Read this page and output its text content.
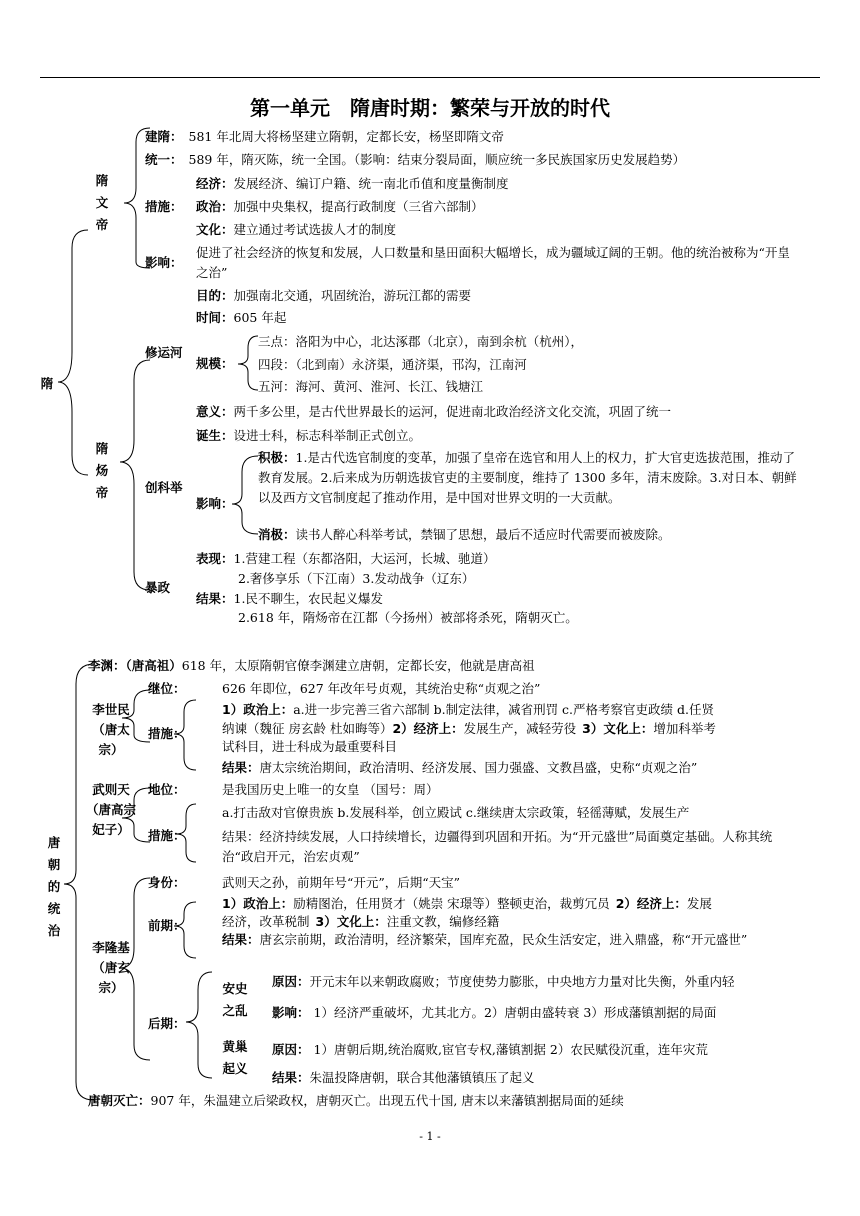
第一单元　隋唐时期：繁荣与开放的时代
隋
隋文帝
建隋： 581 年北周大将杨坚建立隋朝，定都长安，杨坚即隋文帝
统一： 589 年，隋灭陈，统一全国。（影响：结束分裂局面，顺应统一多民族国家历史发展趋势）
经济：发展经济、编订户籍、统一南北币值和度量衡制度
措施： 政治：加强中央集权，提高行政制度（三省六部制）
文化：建立通过考试选拔人才的制度
影响：
促进了社会经济的恢复和发展，人口数量和垦田面积大幅增长，成为疆域辽阔的王朝。他的统治被称为“开皇之治”
隋炀帝
目的：加强南北交通，巩固统治，游玩江都的需要
时间：605 年起
修运河
规模：
三点：洛阳为中心，北达涿郡（北京），南到余杭（杭州），
四段：（北到南）永济渠，通济渠，邗沟，江南河
五河：海河、黄河、淮河、长江、钱塘江
意义：两千多公里，是古代世界最长的运河，促进南北政治经济文化交流，巩固了统一
诞生：设进士科，标志科举制正式创立。
创科举
影响：
积极：1.是古代选官制度的变革，加强了皇帝在选官和用人上的权力，扩大官吏选拔范围，推动了教育发展。2.后来成为历朝选拔官吏的主要制度，维持了 1300 多年，清末废除。3.对日本、朝鲜以及西方文官制度起了推动作用，是中国对世界文明的一大贡献。
消极：读书人醉心科举考试，禁锢了思想，最后不适应时代需要而被废除。
表现：1.营建工程（东都洛阳，大运河，长城、驰道）
2.奢侈享乐（下江南）3.发动战争（辽东）
暴政
结果：1.民不聊生，农民起义爆发
2.618 年，隋炀帝在江都（今扬州）被部将杀死，隋朝灭亡。
唐朝的统治
李渊：（唐高祖）618 年，太原隋朝官僚李渊建立唐朝，定都长安，他就是唐高祖
李世民（唐太宗）
继位：	626 年即位，627 年改年号贞观，其统治史称“贞观之治”
措施：
1）政治上：a.进一步完善三省六部制 b.制定法律，减省刑罚 c.严格考察官吏政绩 d.任贤
纳谏（魏征 房玄龄 杜如晦等）2）经济上：发展生产，减轻劳役 3）文化上：增加科举考
试科目，进士科成为最重要科目
结果：唐太宗统治期间，政治清明、经济发展、国力强盛、文教昌盛，史称“贞观之治”
武则天（唐高宗妃子）
地位：	是我国历史上唯一的女皇 （国号：周）
措施：
a.打击敌对官僚贵族 b.发展科举，创立殿试 c.继续唐太宗政策，轻徭薄赋，发展生产
结果：经济持续发展，人口持续增长，边疆得到巩固和开拓。为“开元盛世”局面奠定基础。人称其统治“政启开元，治宏贞观”
李隆基（唐玄宗）
身份：	武则天之孙，前期年号“开元”，后期“天宝”
前期：
1）政治上：励精图治，任用贤才（姚崇 宋璟等）整顿吏治，裁剪冗员 2）经济上：发展
经济，改革税制 3）文化上：注重文教，编修经籍
结果：唐玄宗前期，政治清明，经济繁荣，国库充盈，民众生活安定，进入鼎盛，称“开元盛世”
后期：
安史之乱
原因：开元末年以来朝政腐败；节度使势力膨胀，中央地方力量对比失衡，外重内轻
影响： 1）经济严重破坏，尤其北方。2）唐朝由盛转衰 3）形成藩镇割据的局面
黄巢起义
原因： 1）唐朝后期,统治腐败,宦官专权,藩镇割据 2）农民赋役沉重，连年灾荒
结果：朱温投降唐朝，联合其他藩镇镇压了起义
唐朝灭亡：907 年，朱温建立后梁政权，唐朝灭亡。出现五代十国, 唐末以来藩镇割据局面的延续
- 1 -
